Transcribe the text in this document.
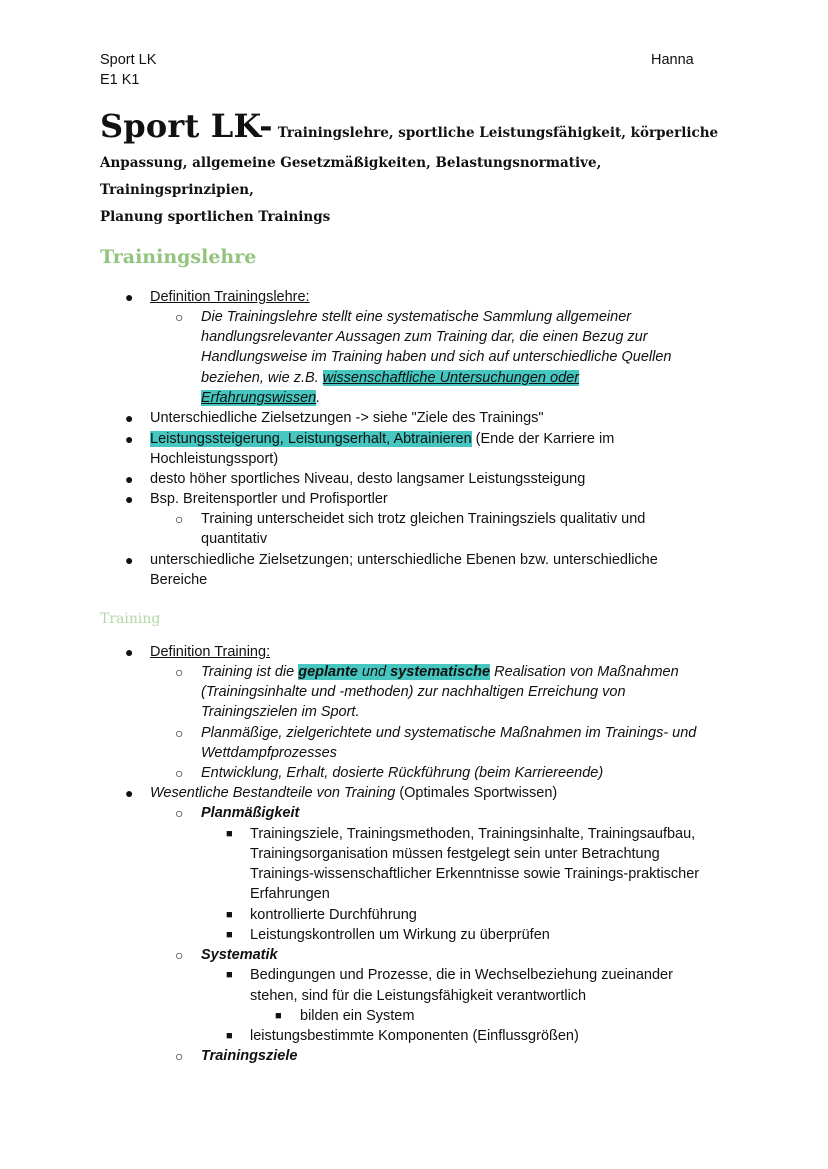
Sport LK
E1 K1
Hanna
Sport LK- Trainingslehre, sportliche Leistungsfähigkeit, körperliche
Anpassung, allgemeine Gesetzmäßigkeiten, Belastungsnormative, Trainingsprinzipien,
Planung sportlichen Trainings
Trainingslehre
● Definition Trainingslehre:
○ Die Trainingslehre stellt eine systematische Sammlung allgemeiner
handlungsrelevanter Aussagen zum Training dar, die einen Bezug zur
Handlungsweise im Training haben und sich auf unterschiedliche Quellen
beziehen, wie z.B. wissenschaftliche Untersuchungen oder
Erfahrungswissen.
● Unterschiedliche Zielsetzungen -> siehe "Ziele des Trainings"
● Leistungssteigerung, Leistungserhalt, Abtrainieren (Ende der Karriere im
Hochleistungssport)
● desto höher sportliches Niveau, desto langsamer Leistungssteigung
● Bsp. Breitensportler und Profisportler
○ Training unterscheidet sich trotz gleichen Trainingsziels qualitativ und
quantitativ
● unterschiedliche Zielsetzungen; unterschiedliche Ebenen bzw. unterschiedliche
Bereiche
Training
● Definition Training:
○ Training ist die geplante und systematische Realisation von Maßnahmen
(Trainingsinhalte und -methoden) zur nachhaltigen Erreichung von
Trainingszielen im Sport.
○ Planmäßige, zielgerichtete und systematische Maßnahmen im Trainings- und
Wettdampfprozesses
○ Entwicklung, Erhalt, dosierte Rückführung (beim Karriereende)
● Wesentliche Bestandteile von Training (Optimales Sportwissen)
○ Planmäßigkeit
■ Trainingsziele, Trainingsmethoden, Trainingsinhalte, Trainingsaufbau,
Trainingsorganisation müssen festgelegt sein unter Betrachtung
Trainings-wissenschaftlicher Erkenntnisse sowie Trainings-praktischer
Erfahrungen
■ kontrollierte Durchführung
■ Leistungskontrollen um Wirkung zu überprüfen
○ Systematik
■ Bedingungen und Prozesse, die in Wechselbeziehung zueinander
stehen, sind für die Leistungsfähigkeit verantwortlich
■ bilden ein System
■ leistungsbestimmte Komponenten (Einflussgrößen)
○ Trainingsziele
